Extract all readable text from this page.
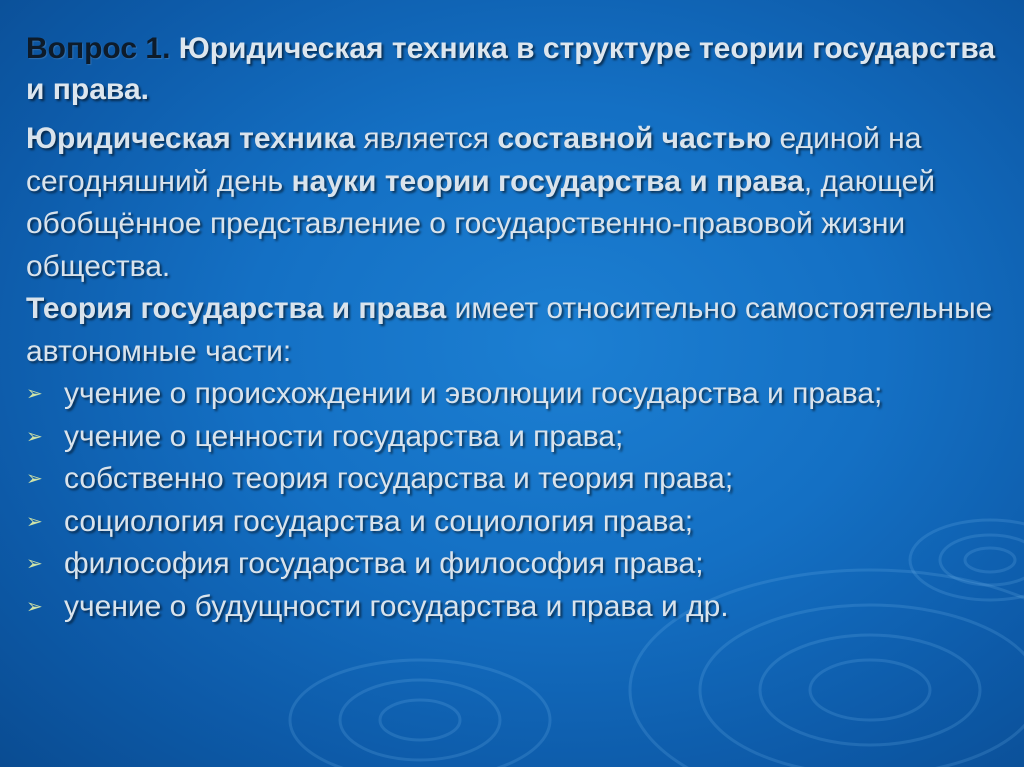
Вопрос 1. Юридическая техника в структуре теории государства и права.

Юридическая техника является составной частью единой на сегодняшний день науки теории государства и права, дающей обобщённое представление о государственно-правовой жизни общества.

Теория государства и права имеет относительно самостоятельные автономные части:

➢ учение о происхождении и эволюции государства и права;
➢ учение о ценности государства и права;
➢ собственно теория государства и теория права;
➢ социология государства и социология права;
➢ философия государства и философия права;
➢ учение о будущности государства и права и др.
